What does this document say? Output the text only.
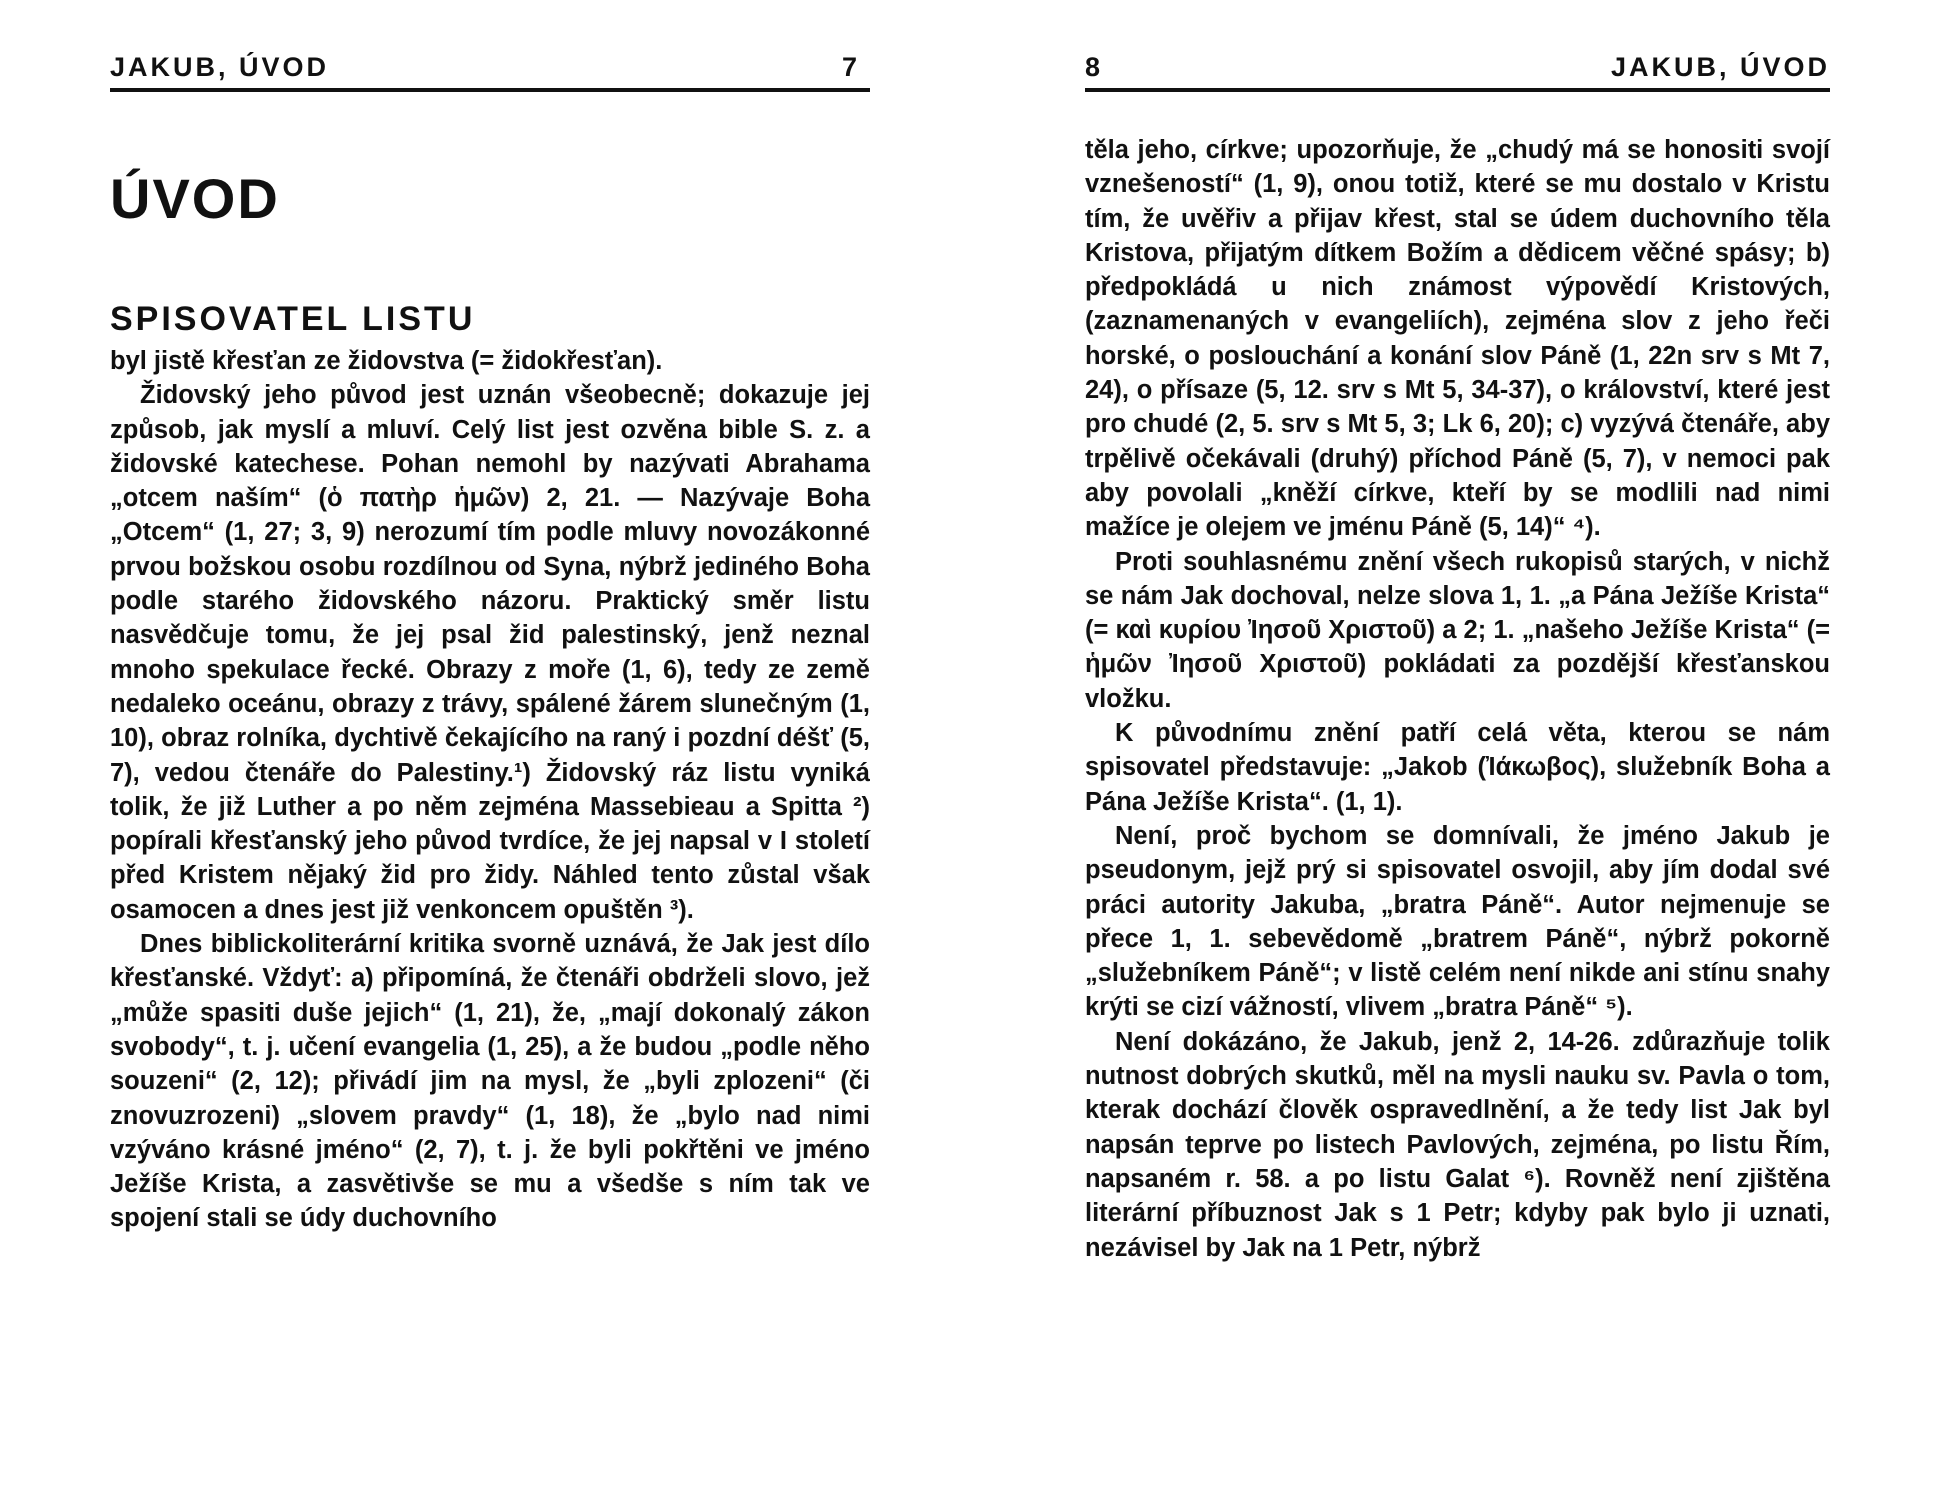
JAKUB, ÚVOD	7
ÚVOD
SPISOVATEL LISTU

byl jistě křesťan ze židovstva (= židokřesťan).

Židovský jeho původ jest uznán všeobecně; dokazuje jej způsob, jak myslí a mluví. Celý list jest ozvěna bible S. z. a židovské katechese. Pohan nemohl by nazývati Abrahama „otcem naším“ (ὁ πατὴρ ἡμῶν) 2, 21. — Nazývaje Boha „Otcem“ (1, 27; 3, 9) nerozumí tím podle mluvy novozákonné prvou božskou osobu rozdílnou od Syna, nýbrž jediného Boha podle starého židovského názoru. Praktický směr listu nasvědčuje tomu, že jej psal žid palestinský, jenž neznal mnoho spekulace řecké. Obrazy z moře (1, 6), tedy ze země nedaleko oceánu, obrazy z trávy, spálené žárem slunečným (1, 10), obraz rolníka, dychtivě čekajícího na raný i pozdní déšť (5, 7), vedou čtenáře do Palestiny.¹) Židovský ráz listu vyniká tolik, že již Luther a po něm zejména Massebieau a Spitta ²) popírali křesťanský jeho původ tvrdíce, že jej napsal v I století před Kristem nějaký žid pro židy. Náhled tento zůstal však osamocen a dnes jest již venkoncem opuštěn ³).

Dnes biblickoliterární kritika svorně uznává, že Jak jest dílo křesťanské. Vždyť: a) připomíná, že čtenáři obdrželi slovo, jež „může spasiti duše jejich“ (1, 21), že, „mají dokonalý zákon svobody“, t. j. učení evangelia (1, 25), a že budou „podle něho souzeni“ (2, 12); přivádí jim na mysl, že „byli zplozeni“ (či znovuzrozeni) „slovem pravdy“ (1, 18), že „bylo nad nimi vzýváno krásné jméno“ (2, 7), t. j. že byli pokřtěni ve jméno Ježíše Krista, a zasvětivše se mu a všedše s ním tak ve spojení stali se údy duchovního

8	JAKUB, ÚVOD

těla jeho, církve; upozorňuje, že „chudý má se honositi svojí vznešeností“ (1, 9), onou totiž, které se mu dostalo v Kristu tím, že uvěřiv a přijav křest, stal se údem duchovního těla Kristova, přijatým dítkem Božím a dědicem věčné spásy; b) předpokládá u nich známost výpovědí Kristových, (zaznamenaných v evangeliích), zejména slov z jeho řeči horské, o poslouchání a konání slov Páně (1, 22n srv s Mt 7, 24), o přísaze (5, 12. srv s Mt 5, 34-37), o království, které jest pro chudé (2, 5. srv s Mt 5, 3; Lk 6, 20); c) vyzývá čtenáře, aby trpělivě očekávali (druhý) příchod Páně (5, 7), v nemoci pak aby povolali „kněží církve, kteří by se modlili nad nimi mažíce je olejem ve jménu Páně (5, 14)“ ⁴).

Proti souhlasnému znění všech rukopisů starých, v nichž se nám Jak dochoval, nelze slova 1, 1. „a Pána Ježíše Krista“ (= καὶ κυρίου Ἰησοῦ Χριστοῦ) a 2; 1. „našeho Ježíše Krista“ (= ἡμῶν Ἰησοῦ Χριστοῦ) pokládati za pozdější křesťanskou vložku.

K původnímu znění patří celá věta, kterou se nám spisovatel představuje: „Jakob (Ἰάκωβος), služebník Boha a Pána Ježíše Krista“. (1, 1).

Není, proč bychom se domnívali, že jméno Jakub je pseudonym, jejž prý si spisovatel osvojil, aby jím dodal své práci autority Jakuba, „bratra Páně“. Autor nejmenuje se přece 1, 1. sebevědomě „bratrem Páně“, nýbrž pokorně „služebníkem Páně“; v listě celém není nikde ani stínu snahy krýti se cizí vážností, vlivem „bratra Páně“ ⁵).

Není dokázáno, že Jakub, jenž 2, 14-26. zdůrazňuje tolik nutnost dobrých skutků, měl na mysli nauku sv. Pavla o tom, kterak dochází člověk ospravedlnění, a že tedy list Jak byl napsán teprve po listech Pavlových, zejména, po listu Řím, napsaném r. 58. a po listu Galat ⁶). Rovněž není zjištěna literární příbuznost Jak s 1 Petr; kdyby pak bylo ji uznati, nezávisel by Jak na 1 Petr, nýbrž
